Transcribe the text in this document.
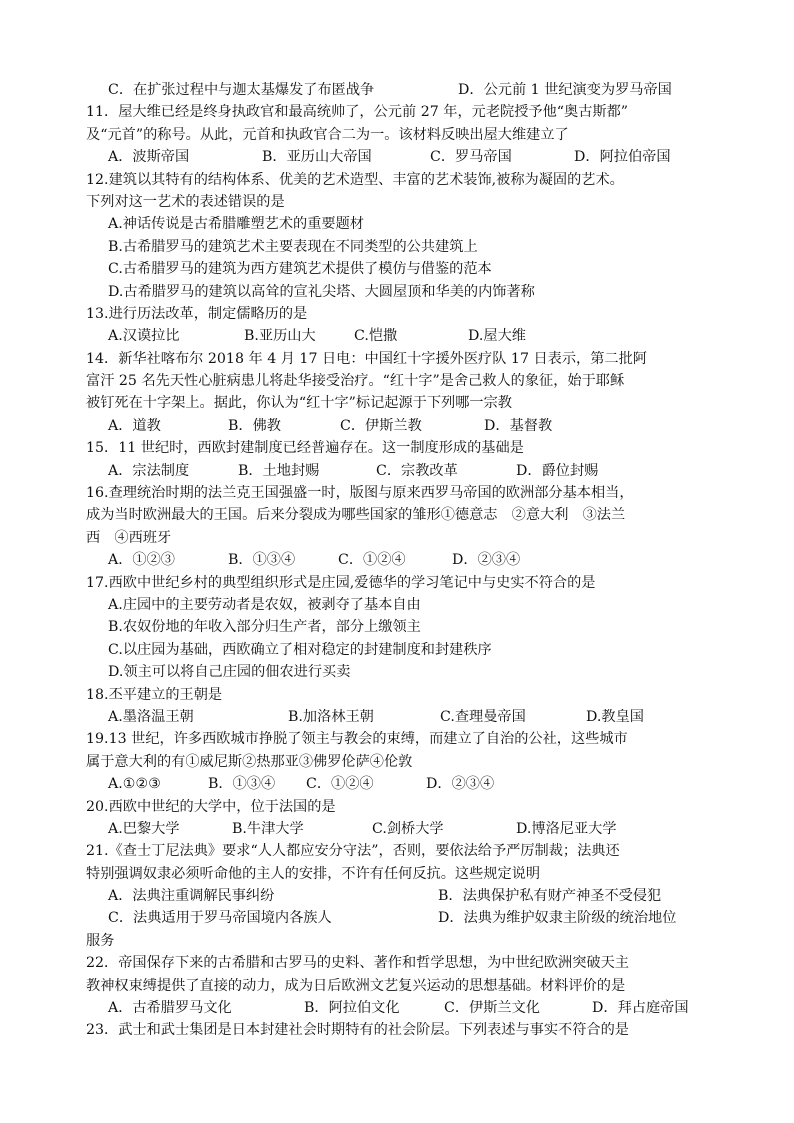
C．在扩张过程中与迦太基爆发了布匿战争	D．公元前 1 世纪演变为罗马帝国
11．屋大维已经是终身执政官和最高统帅了，公元前 27 年，元老院授予他“奥古斯都”
及“元首”的称号。从此，元首和执政官合二为一。该材料反映出屋大维建立了
A．波斯帝国	B．亚历山大帝国	C．罗马帝国	D．阿拉伯帝国
12.建筑以其特有的结构体系、优美的艺术造型、丰富的艺术装饰,被称为凝固的艺术。
下列对这一艺术的表述错误的是
A.神话传说是古希腊雕塑艺术的重要题材
B.古希腊罗马的建筑艺术主要表现在不同类型的公共建筑上
C.古希腊罗马的建筑为西方建筑艺术提供了模仿与借鉴的范本
D.古希腊罗马的建筑以高耸的宣礼尖塔、大圆屋顶和华美的内饰著称
13.进行历法改革，制定儒略历的是
A.汉谟拉比	B.亚历山大	C.恺撒	D.屋大维
14．新华社喀布尔 2018 年 4 月 17 日电：中国红十字援外医疗队 17 日表示，第二批阿
富汗 25 名先天性心脏病患儿将赴华接受治疗。“红十字”是舍己救人的象征，始于耶稣
被钉死在十字架上。据此，你认为“红十字”标记起源于下列哪一宗教
A．道教	B．佛教	C．伊斯兰教	D．基督教
15．11 世纪时，西欧封建制度已经普遍存在。这一制度形成的基础是
A．宗法制度	B．土地封赐	C．宗教改革	D．爵位封赐
16.查理统治时期的法兰克王国强盛一时，版图与原来西罗马帝国的欧洲部分基本相当，
成为当时欧洲最大的王国。后来分裂成为哪些国家的雏形①德意志　②意大利　③法兰
西　④西班牙
A．①②③	B．①③④	C．①②④	D．②③④
17.西欧中世纪乡村的典型组织形式是庄园,爱德华的学习笔记中与史实不符合的是
A.庄园中的主要劳动者是农奴，被剥夺了基本自由
B.农奴份地的年收入部分归生产者，部分上缴领主
C.以庄园为基础，西欧确立了相对稳定的封建制度和封建秩序
D.领主可以将自己庄园的佃农进行买卖
18.丕平建立的王朝是
A.墨洛温王朝	B.加洛林王朝	C.查理曼帝国	D.教皇国
19.13 世纪，许多西欧城市挣脱了领主与教会的束缚，而建立了自治的公社，这些城市
属于意大利的有①威尼斯②热那亚③佛罗伦萨④伦敦
A.①②③	B．①③④ C．①②④	D．②③④
20.西欧中世纪的大学中，位于法国的是
A.巴黎大学	B.牛津大学	C.剑桥大学	D.博洛尼亚大学
21.《查士丁尼法典》要求“人人都应安分守法”，否则，要依法给予严厉制裁；法典还
特别强调奴隶必须听命他的主人的安排，不许有任何反抗。这些规定说明
A．法典注重调解民事纠纷	B．法典保护私有财产神圣不受侵犯
C．法典适用于罗马帝国境内各族人	D．法典为维护奴隶主阶级的统治地位
服务
22．帝国保存下来的古希腊和古罗马的史料、著作和哲学思想，为中世纪欧洲突破天主
教神权束缚提供了直接的动力，成为日后欧洲文艺复兴运动的思想基础。材料评价的是
A．古希腊罗马文化	B．阿拉伯文化	C．伊斯兰文化	D．拜占庭帝国
23．武士和武士集团是日本封建社会时期特有的社会阶层。下列表述与事实不符合的是
